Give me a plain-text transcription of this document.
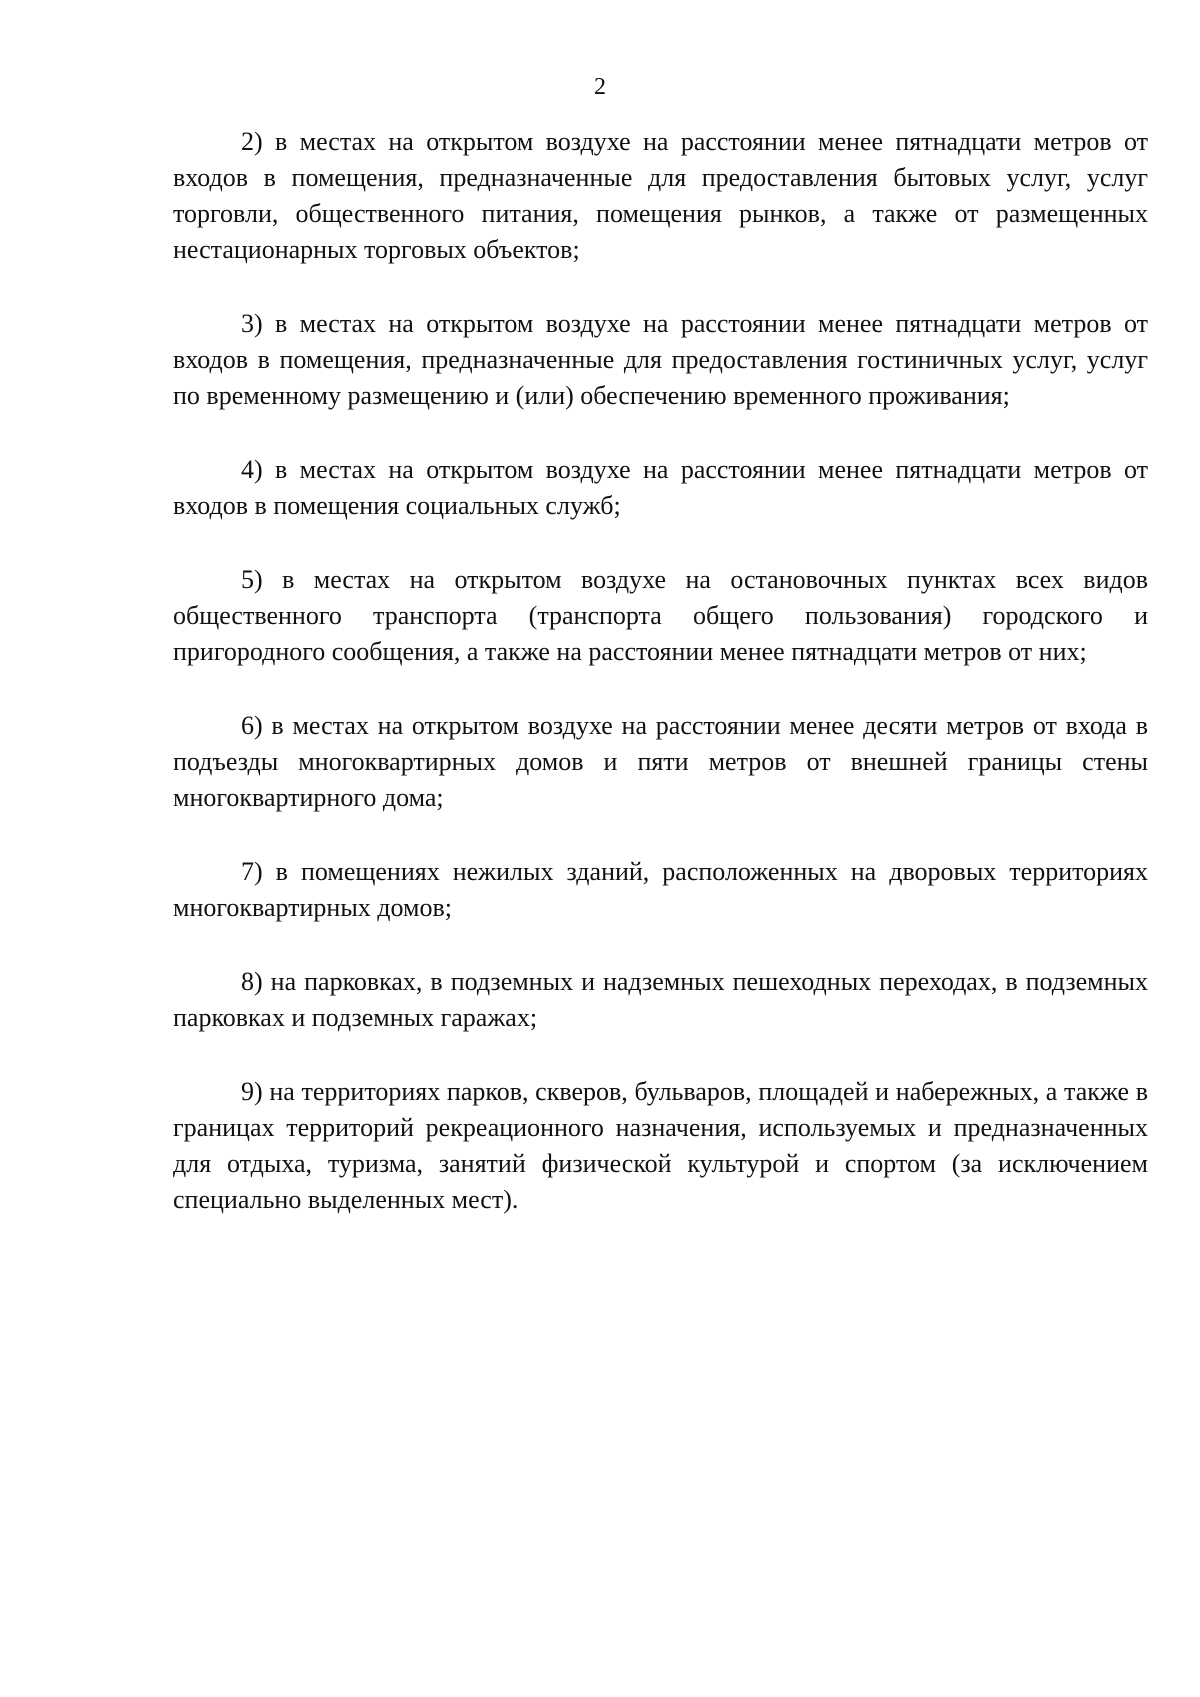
2

2) в местах на открытом воздухе на расстоянии менее пятнадцати метров от входов в помещения, предназначенные для предоставления бытовых услуг, услуг торговли, общественного питания, помещения рынков, а также от размещенных нестационарных торговых объектов;

3) в местах на открытом воздухе на расстоянии менее пятнадцати метров от входов в помещения, предназначенные для предоставления гостиничных услуг, услуг по временному размещению и (или) обеспечению временного проживания;

4) в местах на открытом воздухе на расстоянии менее пятнадцати метров от входов в помещения социальных служб;

5) в местах на открытом воздухе на остановочных пунктах всех видов общественного транспорта (транспорта общего пользования) городского и пригородного сообщения, а также на расстоянии менее пятнадцати метров от них;

6) в местах на открытом воздухе на расстоянии менее десяти метров от входа в подъезды многоквартирных домов и пяти метров от внешней границы стены многоквартирного дома;

7) в помещениях нежилых зданий, расположенных на дворовых территориях многоквартирных домов;

8) на парковках, в подземных и надземных пешеходных переходах, в подземных парковках и подземных гаражах;

9) на территориях парков, скверов, бульваров, площадей и набережных, а также в границах территорий рекреационного назначения, используемых и предназначенных для отдыха, туризма, занятий физической культурой и спортом (за исключением специально выделенных мест).
